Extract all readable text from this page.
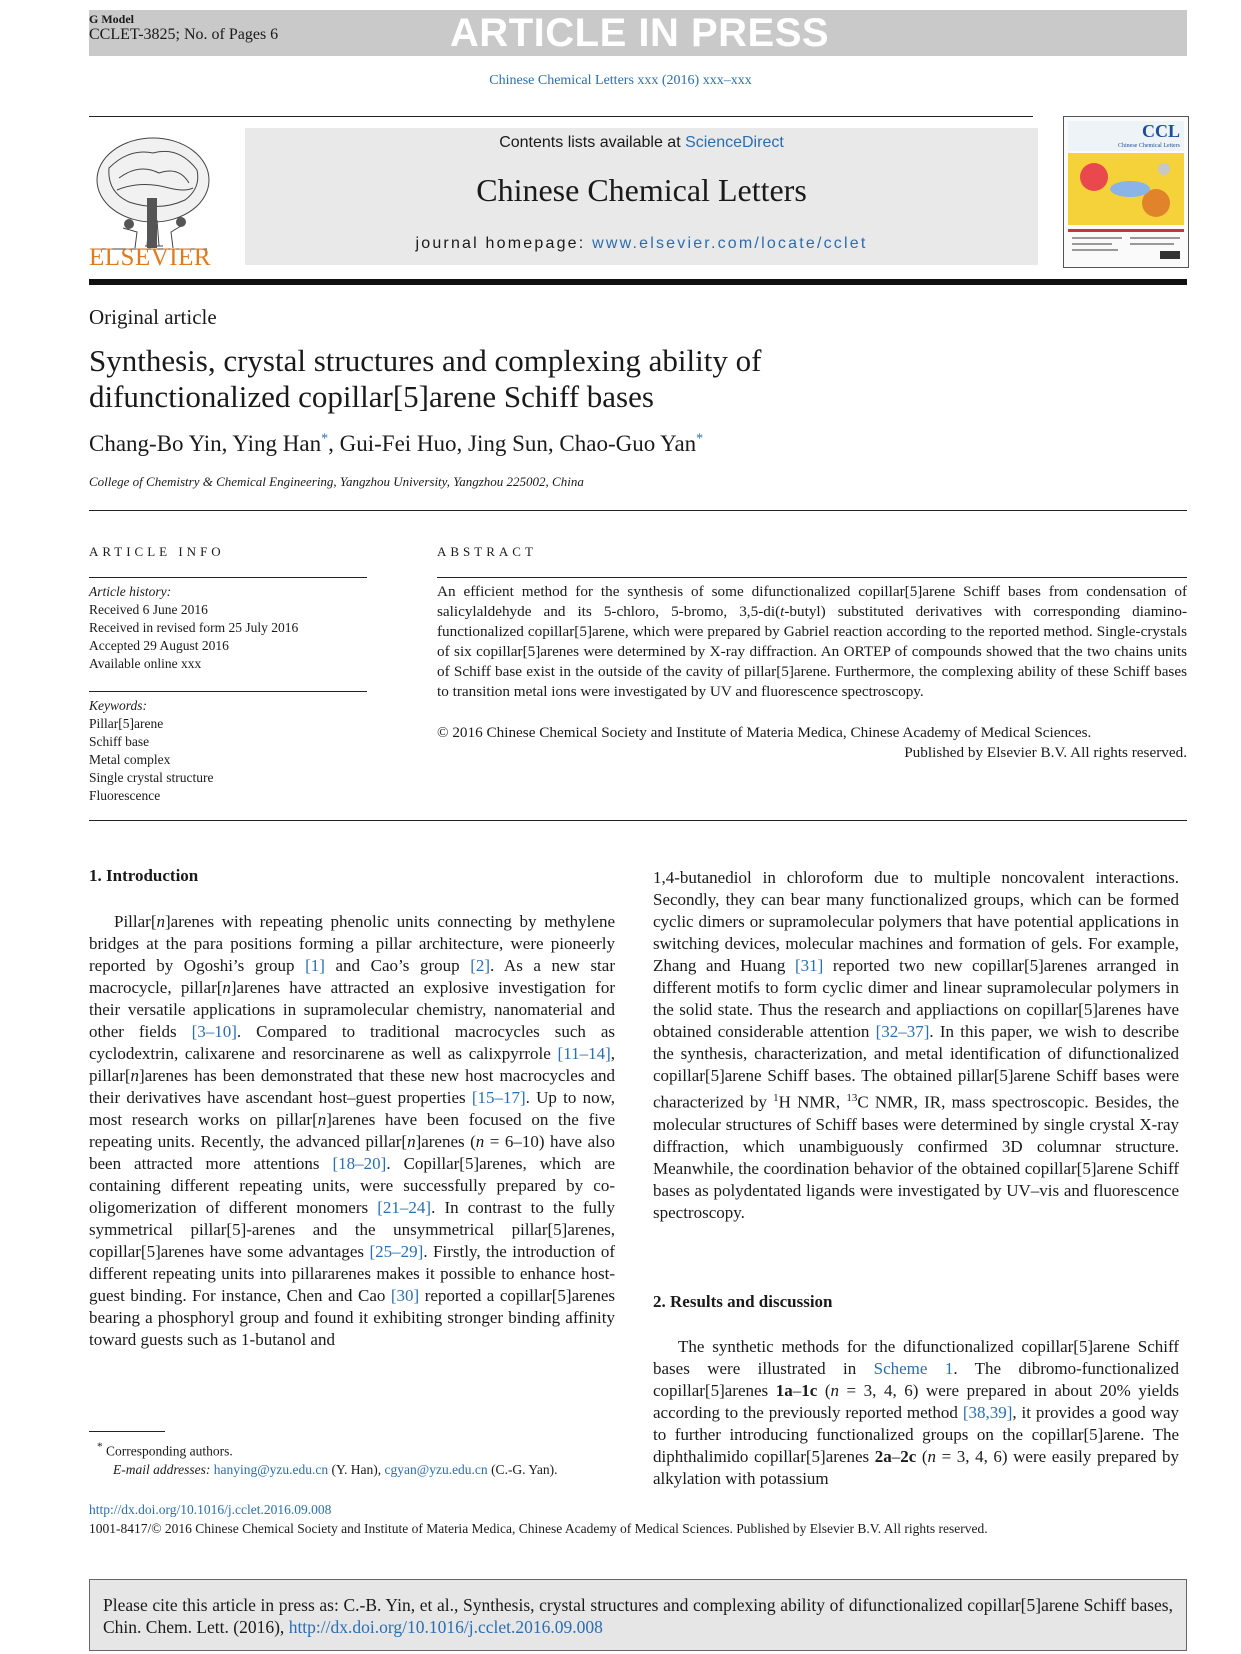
G Model
CCLET-3825; No. of Pages 6	ARTICLE IN PRESS
Chinese Chemical Letters xxx (2016) xxx–xxx
ELSEVIER
Contents lists available at ScienceDirect
Chinese Chemical Letters
journal homepage: www.elsevier.com/locate/cclet
CCL
Chinese Chemical Letters
Original article
Synthesis, crystal structures and complexing ability of
difunctionalized copillar[5]arene Schiff bases
Chang-Bo Yin, Ying Han*, Gui-Fei Huo, Jing Sun, Chao-Guo Yan*
College of Chemistry & Chemical Engineering, Yangzhou University, Yangzhou 225002, China
ARTICLE INFO
Article history:
Received 6 June 2016
Received in revised form 25 July 2016
Accepted 29 August 2016
Available online xxx
Keywords:
Pillar[5]arene
Schiff base
Metal complex
Single crystal structure
Fluorescence
ABSTRACT
An efficient method for the synthesis of some difunctionalized copillar[5]arene Schiff bases from condensation of salicylaldehyde and its 5-chloro, 5-bromo, 3,5-di(t-butyl) substituted derivatives with corresponding diamino-functionalized copillar[5]arene, which were prepared by Gabriel reaction according to the reported method. Single-crystals of six copillar[5]arenes were determined by X-ray diffraction. An ORTEP of compounds showed that the two chains units of Schiff base exist in the outside of the cavity of pillar[5]arene. Furthermore, the complexing ability of these Schiff bases to transition metal ions were investigated by UV and fluorescence spectroscopy.
© 2016 Chinese Chemical Society and Institute of Materia Medica, Chinese Academy of Medical Sciences.
Published by Elsevier B.V. All rights reserved.
1. Introduction

Pillar[n]arenes with repeating phenolic units connecting by methylene bridges at the para positions forming a pillar architecture, were pioneerly reported by Ogoshi’s group [1] and Cao’s group [2]. As a new star macrocycle, pillar[n]arenes have attracted an explosive investigation for their versatile applications in supramolecular chemistry, nanomaterial and other fields [3–10]. Compared to traditional macrocycles such as cyclodextrin, calixarene and resorcinarene as well as calixpyrrole [11–14], pillar[n]arenes has been demonstrated that these new host macrocycles and their derivatives have ascendant host–guest properties [15–17]. Up to now, most research works on pillar[n]arenes have been focused on the five repeating units. Recently, the advanced pillar[n]arenes (n = 6–10) have also been attracted more attentions [18–20]. Copillar[5]arenes, which are containing different repeating units, were successfully prepared by co-oligomerization of different monomers [21–24]. In contrast to the fully symmetrical pillar[5]-arenes and the unsymmetrical pillar[5]arenes, copillar[5]arenes have some advantages [25–29]. Firstly, the introduction of different repeating units into pillararenes makes it possible to enhance host-guest binding. For instance, Chen and Cao [30] reported a copillar[5]arenes bearing a phosphoryl group and found it exhibiting stronger binding affinity toward guests such as 1-butanol and

1,4-butanediol in chloroform due to multiple noncovalent interactions. Secondly, they can bear many functionalized groups, which can be formed cyclic dimers or supramolecular polymers that have potential applications in switching devices, molecular machines and formation of gels. For example, Zhang and Huang [31] reported two new copillar[5]arenes arranged in different motifs to form cyclic dimer and linear supramolecular polymers in the solid state. Thus the research and appliactions on copillar[5]arenes have obtained considerable attention [32–37]. In this paper, we wish to describe the synthesis, characterization, and metal identification of difunctionalized copillar[5]arene Schiff bases. The obtained pillar[5]arene Schiff bases were characterized by $^1$H NMR, $^{13}$C NMR, IR, mass spectroscopic. Besides, the molecular structures of Schiff bases were determined by single crystal X-ray diffraction, which unambiguously confirmed 3D columnar structure. Meanwhile, the coordination behavior of the obtained copillar[5]arene Schiff bases as polydentated ligands were investigated by UV–vis and fluorescence spectroscopy.

2. Results and discussion

The synthetic methods for the difunctionalized copillar[5]arene Schiff bases were illustrated in Scheme 1. The dibromo-functionalized copillar[5]arenes 1a–1c (n = 3, 4, 6) were prepared in about 20% yields according to the previously reported method [38,39], it provides a good way to further introducing functionalized groups on the copillar[5]arene. The diphthalimido copillar[5]arenes 2a–2c (n = 3, 4, 6) were easily prepared by alkylation with potassium

* Corresponding authors.
E-mail addresses: hanying@yzu.edu.cn (Y. Han), cgyan@yzu.edu.cn (C.-G. Yan).
http://dx.doi.org/10.1016/j.cclet.2016.09.008
1001-8417/© 2016 Chinese Chemical Society and Institute of Materia Medica, Chinese Academy of Medical Sciences. Published by Elsevier B.V. All rights reserved.
Please cite this article in press as: C.-B. Yin, et al., Synthesis, crystal structures and complexing ability of difunctionalized copillar[5]arene Schiff bases, Chin. Chem. Lett. (2016), http://dx.doi.org/10.1016/j.cclet.2016.09.008
